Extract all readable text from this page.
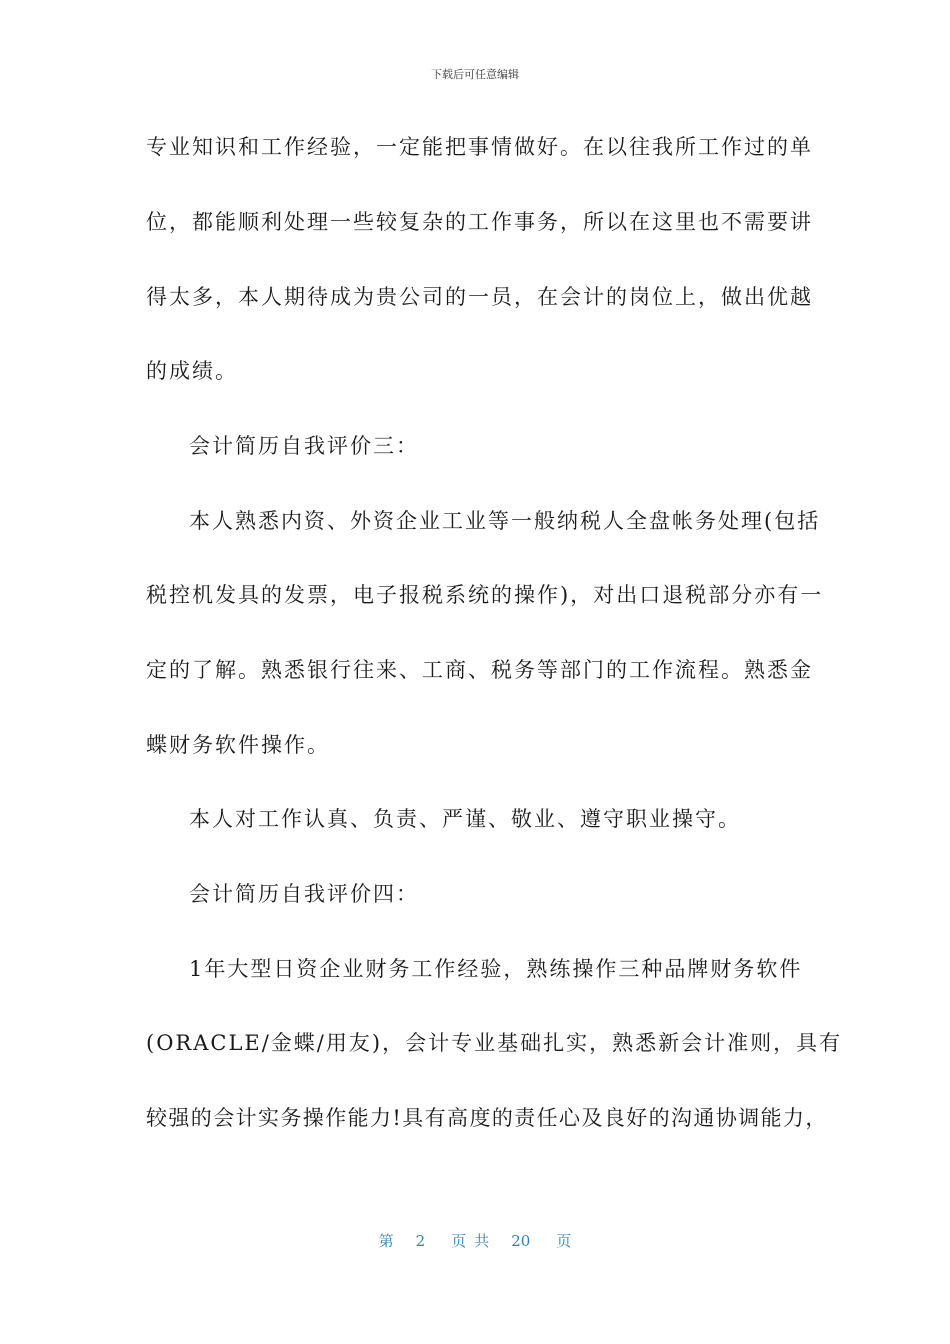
下载后可任意编辑
专业知识和工作经验，一定能把事情做好。在以往我所工作过的单
位，都能顺利处理一些较复杂的工作事务，所以在这里也不需要讲
得太多，本人期待成为贵公司的一员，在会计的岗位上，做出优越
的成绩。
会计简历自我评价三：
本人熟悉内资、外资企业工业等一般纳税人全盘帐务处理(包括
税控机发具的发票，电子报税系统的操作)，对出口退税部分亦有一
定的了解。熟悉银行往来、工商、税务等部门的工作流程。熟悉金
蝶财务软件操作。
本人对工作认真、负责、严谨、敬业、遵守职业操守。
会计简历自我评价四：
1年大型日资企业财务工作经验，熟练操作三种品牌财务软件
(ORACLE/金蝶/用友)，会计专业基础扎实，熟悉新会计准则，具有
较强的会计实务操作能力!具有高度的责任心及良好的沟通协调能力，
第 2 页共 20 页
